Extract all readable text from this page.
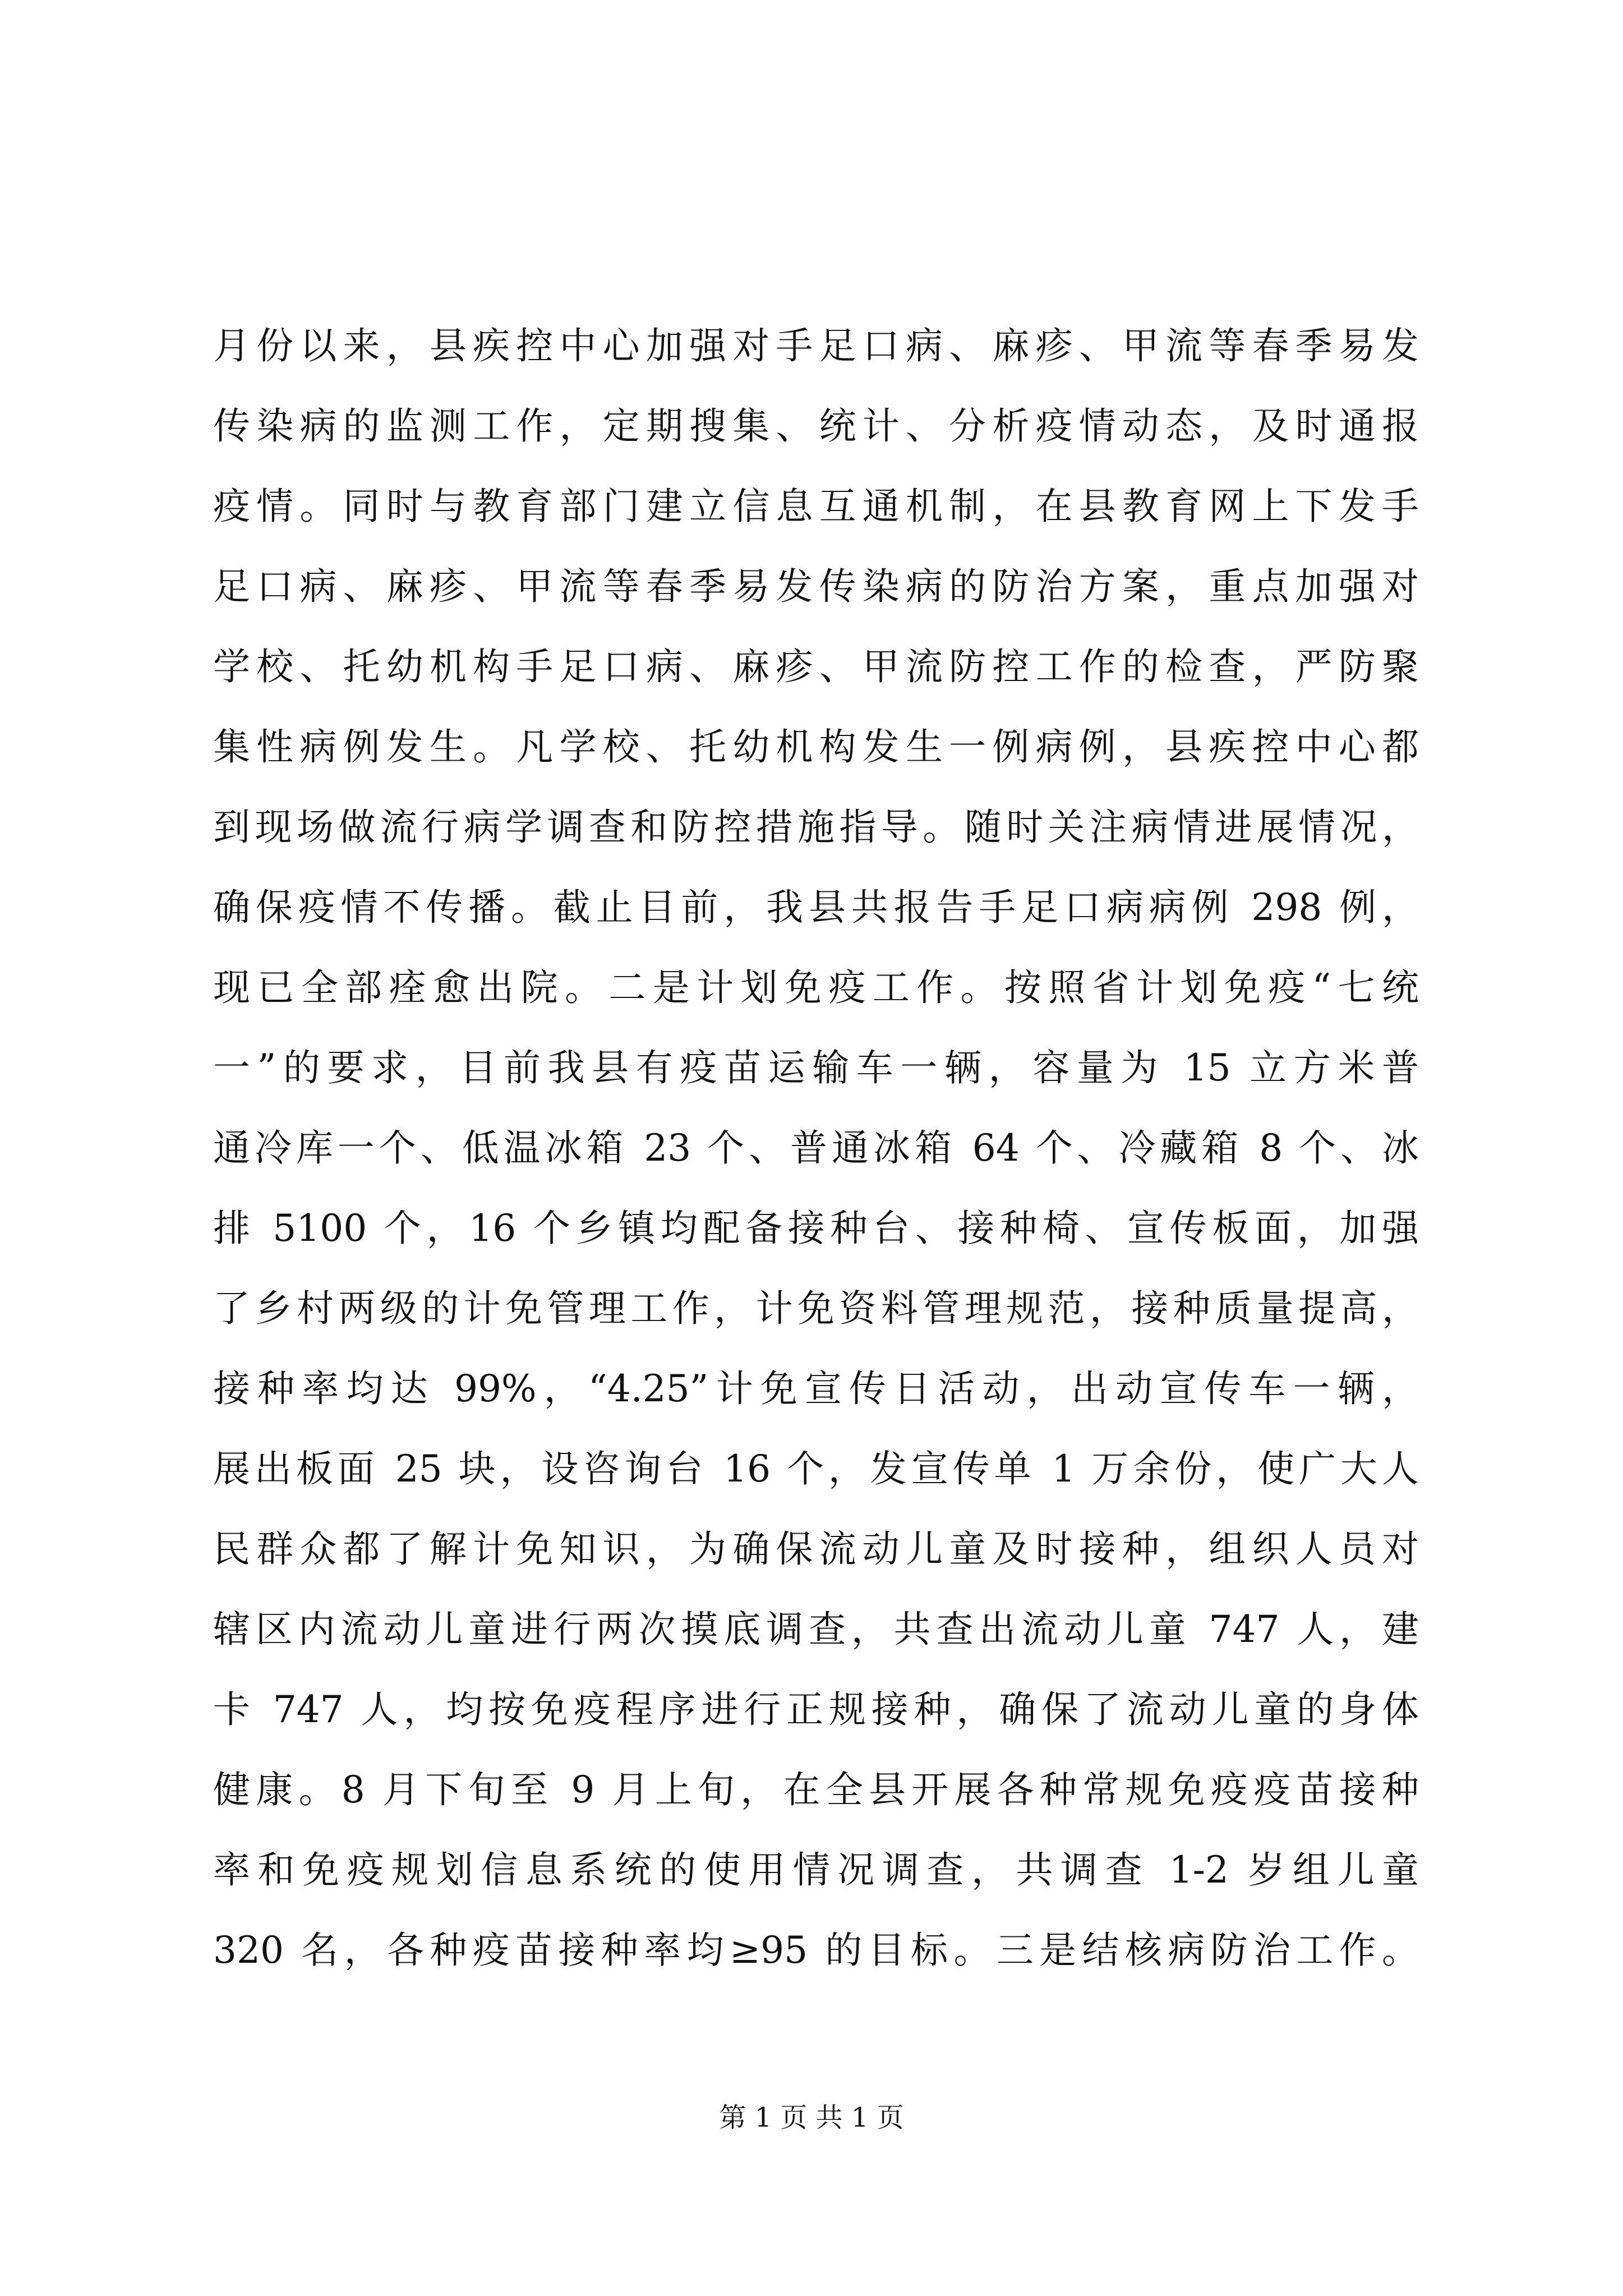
月份以来，县疾控中心加强对手足口病、麻疹、甲流等春季易发
传染病的监测工作，定期搜集、统计、分析疫情动态，及时通报
疫情。同时与教育部门建立信息互通机制，在县教育网上下发手
足口病、麻疹、甲流等春季易发传染病的防治方案，重点加强对
学校、托幼机构手足口病、麻疹、甲流防控工作的检查，严防聚
集性病例发生。凡学校、托幼机构发生一例病例，县疾控中心都
到现场做流行病学调查和防控措施指导。随时关注病情进展情况，
确保疫情不传播。截止目前，我县共报告手足口病病例 298 例，
现已全部痊愈出院。二是计划免疫工作。按照省计划免疫“七统
一”的要求，目前我县有疫苗运输车一辆，容量为 15 立方米普
通冷库一个、低温冰箱 23 个、普通冰箱 64 个、冷藏箱 8 个、冰
排 5100 个，16 个乡镇均配备接种台、接种椅、宣传板面，加强
了乡村两级的计免管理工作，计免资料管理规范，接种质量提高，
接种率均达 99%，“4.25”计免宣传日活动，出动宣传车一辆，
展出板面 25 块，设咨询台 16 个，发宣传单 1 万余份，使广大人
民群众都了解计免知识，为确保流动儿童及时接种，组织人员对
辖区内流动儿童进行两次摸底调查，共查出流动儿童 747 人，建
卡 747 人，均按免疫程序进行正规接种，确保了流动儿童的身体
健康。8 月下旬至 9 月上旬，在全县开展各种常规免疫疫苗接种
率和免疫规划信息系统的使用情况调查，共调查 1-2 岁组儿童
320 名，各种疫苗接种率均≥95 的目标。三是结核病防治工作。
第 1 页 共 1 页
